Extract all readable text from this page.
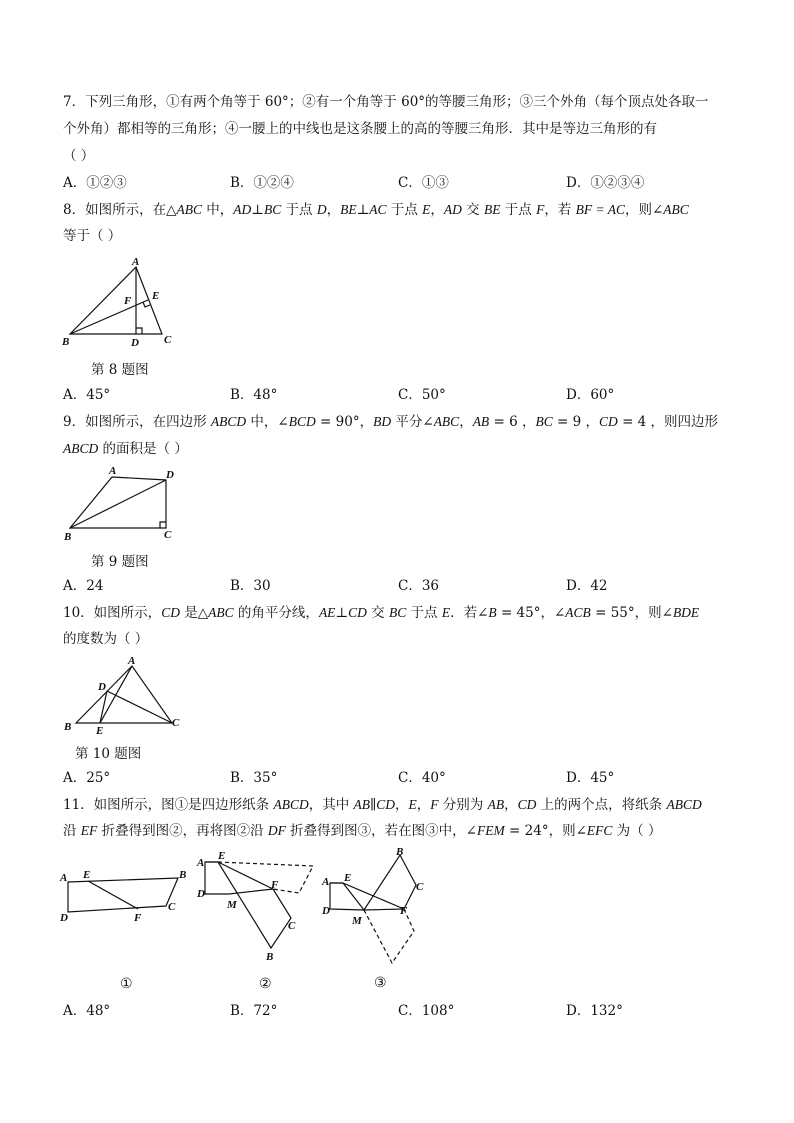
7．下列三角形，①有两个角等于 60°；②有一个角等于 60°的等腰三角形；③三个外角（每个顶点处各取一
个外角）都相等的三角形；④一腰上的中线也是这条腰上的高的等腰三角形．其中是等边三角形的有
（ ）
A．①②③	B．①②④	C．①③	D．①②③④
8．如图所示，在△ABC 中，AD⊥BC 于点 D，BE⊥AC 于点 E，AD 交 BE 于点 F，若 BF = AC，则∠ABC
等于（ ）
A
B	C
D
E
F
第 8 题图
A．45°	B．48°	C．50°	D．60°
9．如图所示，在四边形 ABCD 中，∠BCD = 90°，BD 平分∠ABC，AB = 6 ，BC = 9 ，CD = 4 ，则四边形
ABCD 的面积是（ ）
A
B	C
D
第 9 题图
A．24	B．30	C．36	D．42
10．如图所示，CD 是△ABC 的角平分线，AE⊥CD 交 BC 于点 E．若∠B = 45°，∠ACB = 55°，则∠BDE
的度数为（ ）
A
B	C
D
E
第 10 题图
A．25°	B．35°	C．40°	D．45°
11．如图所示，图①是四边形纸条 ABCD，其中 AB∥CD，E，F 分别为 AB，CD 上的两个点，将纸条 ABCD
沿 EF 折叠得到图②，再将图②沿 DF 折叠得到图③，若在图③中，∠FEM = 24°，则∠EFC 为（ ）
A E	B
C
D	F
①
A
E
D
M
F
C
B
②
A E
D
M
F
B
C
③
A．48°	B．72°	C．108°	D．132°
